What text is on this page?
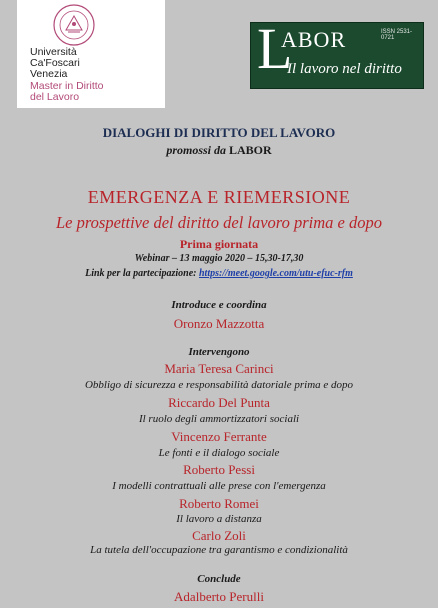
Università
Ca'Foscari
Venezia
Master in Diritto
del Lavoro
L
ABOR	ISSN 2531-0721
Il lavoro nel diritto
DIALOGHI DI DIRITTO DEL LAVORO
promossi da LABOR
EMERGENZA E RIEMERSIONE
Le prospettive del diritto del lavoro prima e dopo
Prima giornata
Webinar – 13 maggio 2020 – 15,30-17,30
Link per la partecipazione: https://meet.google.com/utu-efuc-rfm
Introduce e coordina
Oronzo Mazzotta
Intervengono
Maria Teresa Carinci
Obbligo di sicurezza e responsabilità datoriale prima e dopo
Riccardo Del Punta
Il ruolo degli ammortizzatori sociali
Vincenzo Ferrante
Le fonti e il dialogo sociale
Roberto Pessi
I modelli contrattuali alle prese con l'emergenza
Roberto Romei
Il lavoro a distanza
Carlo Zoli
La tutela dell'occupazione tra garantismo e condizionalità
Conclude
Adalberto Perulli
